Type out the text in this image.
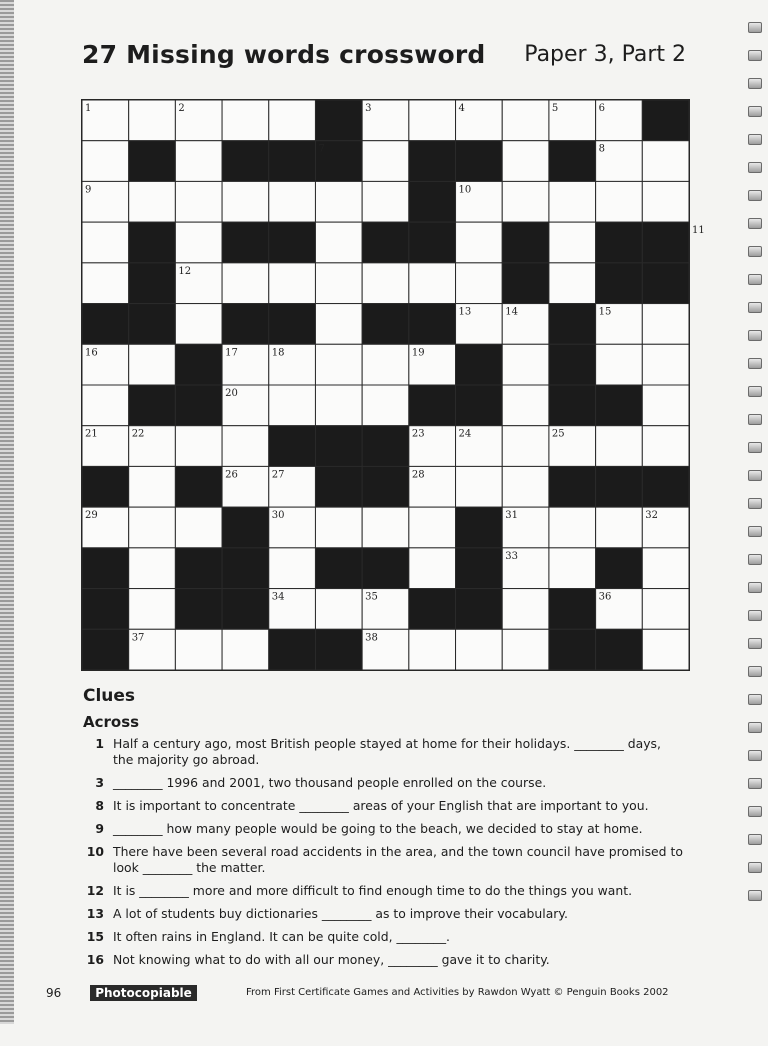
27 Missing words crossword Paper 3, Part 2
1	2	3	4	5	6
7	8
9	10
11
12
13	14	15
16	17	18	19
20
21	22	23	24	25
26	27	28
29	30	31	32
33
34	35	36
37	38
Clues
Across
1 Half a century ago, most British people stayed at home for their holidays. ________ days, the majority go abroad.
3 ________ 1996 and 2001, two thousand people enrolled on the course.
8 It is important to concentrate ________ areas of your English that are important to you.
9 ________ how many people would be going to the beach, we decided to stay at home.
10 There have been several road accidents in the area, and the town council have promised to look ________ the matter.
12 It is ________ more and more difficult to find enough time to do the things you want.
13 A lot of students buy dictionaries ________ as to improve their vocabulary.
15 It often rains in England. It can be quite cold, ________.
16 Not knowing what to do with all our money, ________ gave it to charity.
96	Photocopiable	From First Certificate Games and Activities by Rawdon Wyatt © Penguin Books 2002
